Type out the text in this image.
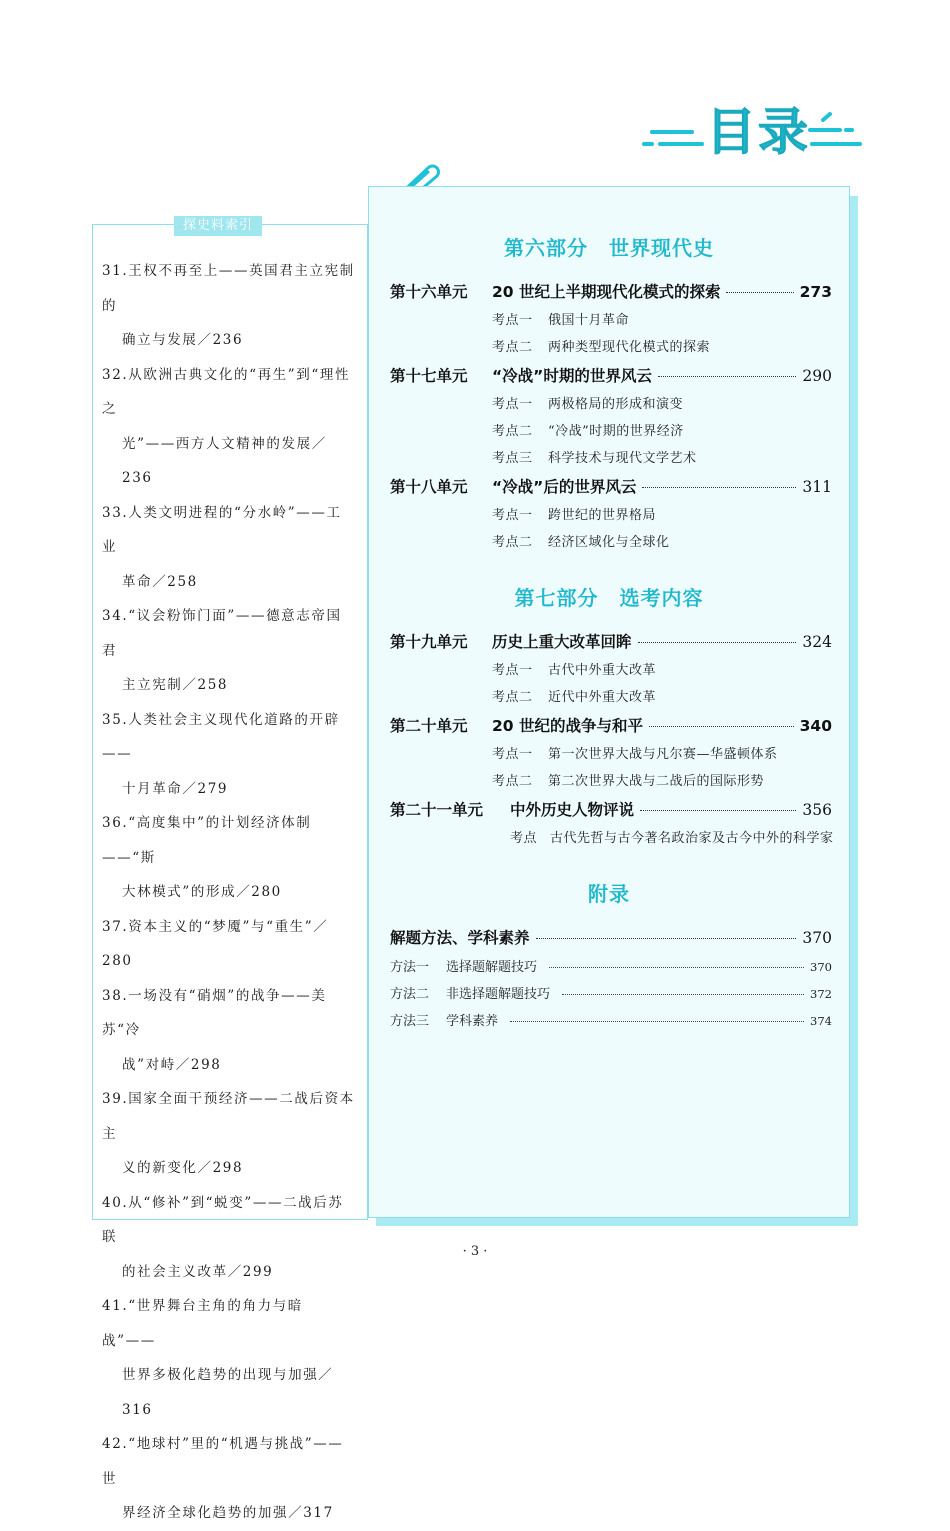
目录
探史料索引
31.王权不再至上——英国君主立宪制的
确立与发展／236
32.从欧洲古典文化的“再生”到“理性之
光”——西方人文精神的发展／236
33.人类文明进程的“分水岭”——工业
革命／258
34.“议会粉饰门面”——德意志帝国君
主立宪制／258
35.人类社会主义现代化道路的开辟——
十月革命／279
36.“高度集中”的计划经济体制——“斯
大林模式”的形成／280
37.资本主义的“梦魇”与“重生”／280
38.一场没有“硝烟”的战争——美苏“冷
战”对峙／298
39.国家全面干预经济——二战后资本主
义的新变化／298
40.从“修补”到“蜕变”——二战后苏联
的社会主义改革／299
41.“世界舞台主角的角力与暗战”——
世界多极化趋势的出现与加强／316
42.“地球村”里的“机遇与挑战”——世
界经济全球化趋势的加强／317
第六部分　世界现代史
第十六单元	20 世纪上半期现代化模式的探索	273
考点一 俄国十月革命
考点二 两种类型现代化模式的探索
第十七单元	“冷战”时期的世界风云	290
考点一 两极格局的形成和演变
考点二 “冷战”时期的世界经济
考点三 科学技术与现代文学艺术
第十八单元	“冷战”后的世界风云	311
考点一 跨世纪的世界格局
考点二 经济区域化与全球化
第七部分　选考内容
第十九单元	历史上重大改革回眸	324
考点一 古代中外重大改革
考点二 近代中外重大改革
第二十单元	20 世纪的战争与和平	340
考点一 第一次世界大战与凡尔赛—华盛顿体系
考点二 第二次世界大战与二战后的国际形势
第二十一单元	中外历史人物评说	356
考点 古代先哲与古今著名政治家及古今中外的科学家
附录
解题方法、学科素养	370
方法一	选择题解题技巧	370
方法二	非选择题解题技巧	372
方法三	学科素养	374
· 3 ·
